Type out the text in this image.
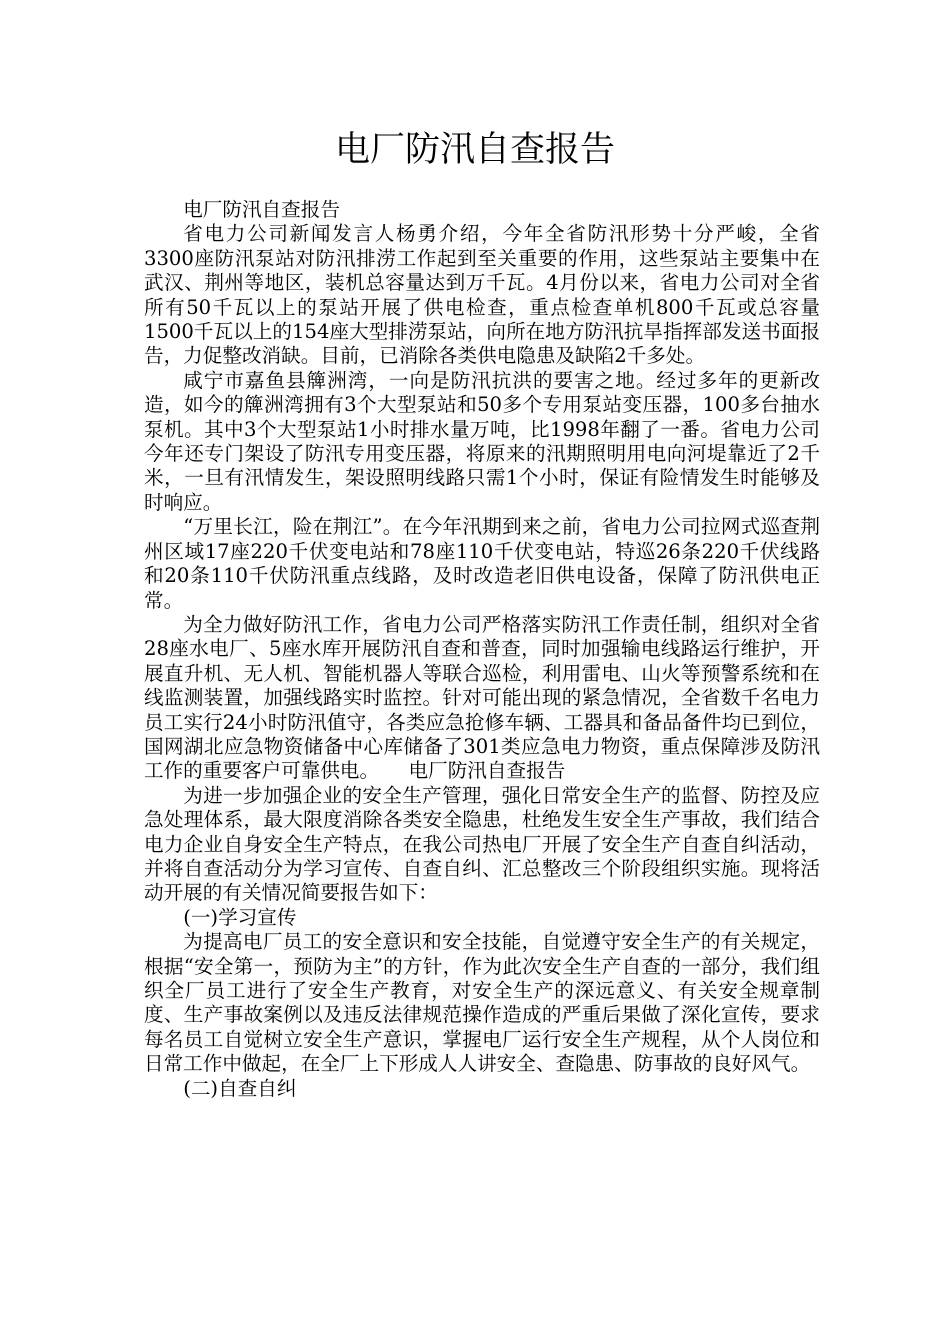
电厂防汛自查报告

电厂防汛自查报告

省电力公司新闻发言人杨勇介绍，今年全省防汛形势十分严峻，全省3300座防汛泵站对防汛排涝工作起到至关重要的作用，这些泵站主要集中在武汉、荆州等地区，装机总容量达到万千瓦。4月份以来，省电力公司对全省所有50千瓦以上的泵站开展了供电检查，重点检查单机800千瓦或总容量1500千瓦以上的154座大型排涝泵站，向所在地方防汛抗旱指挥部发送书面报告，力促整改消缺。目前，已消除各类供电隐患及缺陷2千多处。

咸宁市嘉鱼县簰洲湾，一向是防汛抗洪的要害之地。经过多年的更新改造，如今的簰洲湾拥有3个大型泵站和50多个专用泵站变压器，100多台抽水泵机。其中3个大型泵站1小时排水量万吨，比1998年翻了一番。省电力公司今年还专门架设了防汛专用变压器，将原来的汛期照明用电向河堤靠近了2千米，一旦有汛情发生，架设照明线路只需1个小时，保证有险情发生时能够及时响应。

“万里长江，险在荆江”。在今年汛期到来之前，省电力公司拉网式巡查荆州区域17座220千伏变电站和78座110千伏变电站，特巡26条220千伏线路和20条110千伏防汛重点线路，及时改造老旧供电设备，保障了防汛供电正常。

为全力做好防汛工作，省电力公司严格落实防汛工作责任制，组织对全省28座水电厂、5座水库开展防汛自查和普查，同时加强输电线路运行维护，开展直升机、无人机、智能机器人等联合巡检，利用雷电、山火等预警系统和在线监测装置，加强线路实时监控。针对可能出现的紧急情况，全省数千名电力员工实行24小时防汛值守，各类应急抢修车辆、工器具和备品备件均已到位，国网湖北应急物资储备中心库储备了301类应急电力物资，重点保障涉及防汛工作的重要客户可靠供电。　　电厂防汛自查报告

为进一步加强企业的安全生产管理，强化日常安全生产的监督、防控及应急处理体系，最大限度消除各类安全隐患，杜绝发生安全生产事故，我们结合电力企业自身安全生产特点，在我公司热电厂开展了安全生产自查自纠活动，并将自查活动分为学习宣传、自查自纠、汇总整改三个阶段组织实施。现将活动开展的有关情况简要报告如下：

(一)学习宣传

为提高电厂员工的安全意识和安全技能，自觉遵守安全生产的有关规定，根据“安全第一，预防为主”的方针，作为此次安全生产自查的一部分，我们组织全厂员工进行了安全生产教育，对安全生产的深远意义、有关安全规章制度、生产事故案例以及违反法律规范操作造成的严重后果做了深化宣传，要求每名员工自觉树立安全生产意识，掌握电厂运行安全生产规程，从个人岗位和日常工作中做起，在全厂上下形成人人讲安全、查隐患、防事故的良好风气。

(二)自查自纠
